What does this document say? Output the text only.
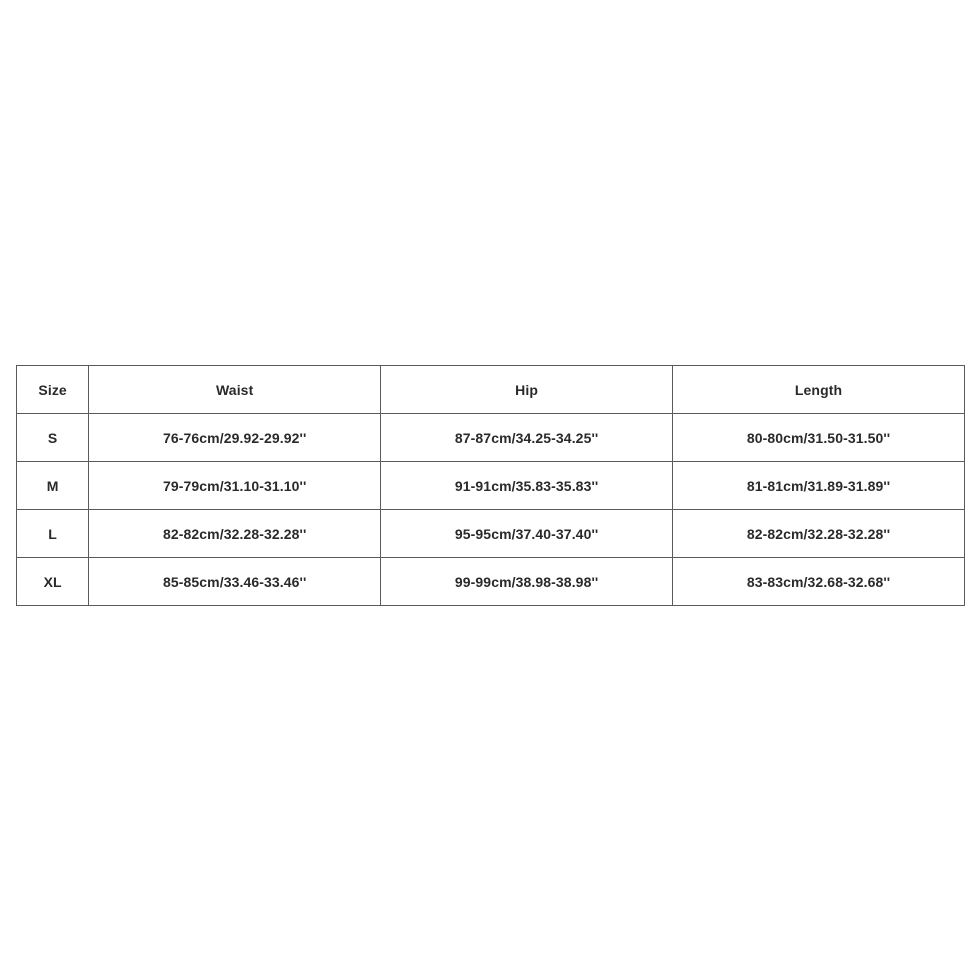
Size	Waist	Hip	Length
S	76-76cm/29.92-29.92''	87-87cm/34.25-34.25''	80-80cm/31.50-31.50''
M	79-79cm/31.10-31.10''	91-91cm/35.83-35.83''	81-81cm/31.89-31.89''
L	82-82cm/32.28-32.28''	95-95cm/37.40-37.40''	82-82cm/32.28-32.28''
XL	85-85cm/33.46-33.46''	99-99cm/38.98-38.98''	83-83cm/32.68-32.68''
